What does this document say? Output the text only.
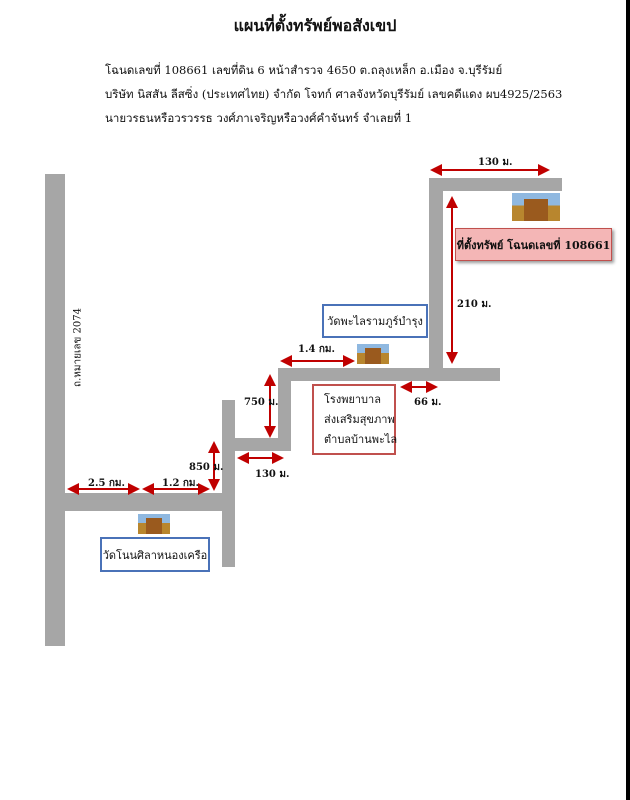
แผนที่ตั้งทรัพย์พอสังเขป
โฉนดเลขที่ 108661 เลขที่ดิน 6 หน้าสำรวจ 4650 ต.ถลุงเหล็ก อ.เมือง จ.บุรีรัมย์
บริษัท นิสสัน ลีสซิ่ง (ประเทศไทย) จำกัด โจทก์ ศาลจังหวัดบุรีรัมย์ เลขคดีแดง ผบ4925/2563
นายวรธนหรือวรวรรธ วงศ์ภาเจริญหรือวงศ์คำจันทร์ จำเลยที่ 1
ถ.หมายเลข 2074
130 ม.
210 ม.
1.4 กม.
750 ม.	66 ม.
850 ม.
130 ม.
2.5 กม.	1.2 กม.
ที่ตั้งทรัพย์ โฉนดเลขที่ 108661
วัดพะไลรามภูร์บำรุง
โรงพยาบาล
ส่งเสริมสุขภาพ
ตำบลบ้านพะไล
วัดโนนศิลาหนองเครือ
